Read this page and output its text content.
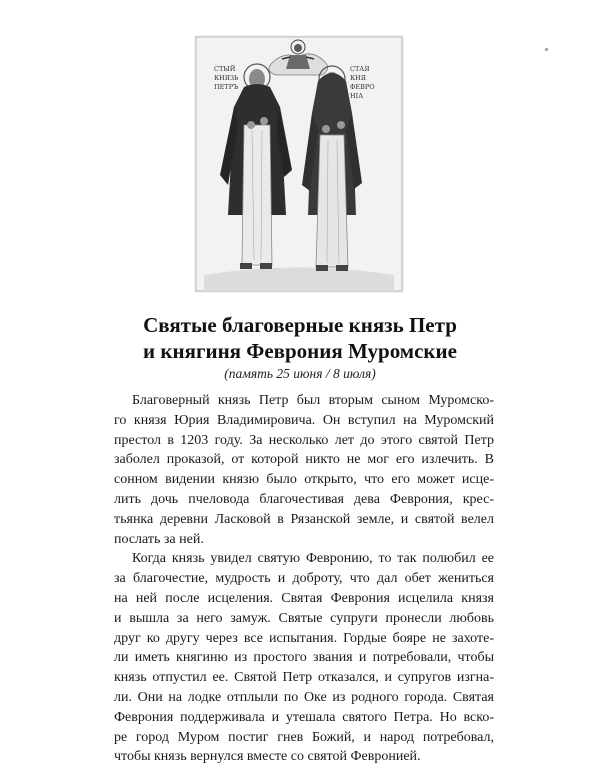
СТЫЙ
КНЯЗЬ
ПЕТРЪ
СТАЯ
КНЯ
ФЕВРО
НІА
Святые благоверные князь Петр
и княгиня Феврония Муромские
(память 25 июня / 8 июля)
Благоверный князь Петр был вторым сыном Муромско-
го князя Юрия Владимировича. Он вступил на Муромский
престол в 1203 году. За несколько лет до этого святой Петр
заболел проказой, от которой никто не мог его излечить. В
сонном видении князю было открыто, что его может исце-
лить дочь пчеловода благочестивая дева Феврония, крес-
тьянка деревни Ласковой в Рязанской земле, и святой велел
послать за ней.
Когда князь увидел святую Февронию, то так полюбил ее
за благочестие, мудрость и доброту, что дал обет жениться
на ней после исцеления. Святая Феврония исцелила князя
и вышла за него замуж. Святые супруги пронесли любовь
друг ко другу через все испытания. Гордые бояре не захоте-
ли иметь княгиню из простого звания и потребовали, чтобы
князь отпустил ее. Святой Петр отказался, и супругов изгна-
ли. Они на лодке отплыли по Оке из родного города. Святая
Феврония поддерживала и утешала святого Петра. Но вско-
ре город Муром постиг гнев Божий, и народ потребовал,
чтобы князь вернулся вместе со святой Февронией.
